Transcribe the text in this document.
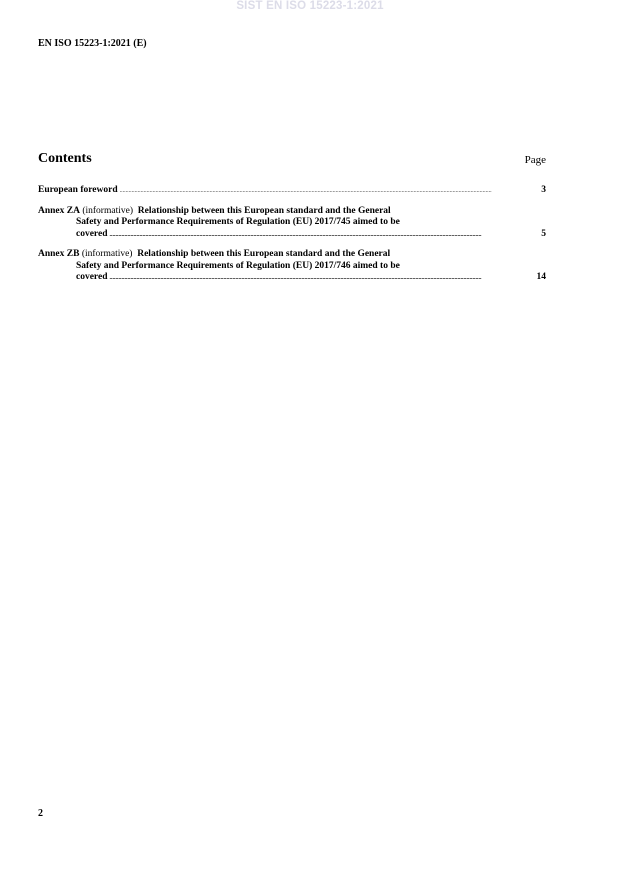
SIST EN ISO 15223-1:2021
EN ISO 15223-1:2021 (E)
Contents	Page
European foreword .....	3
Annex ZA (informative) Relationship between this European standard and the General
Safety and Performance Requirements of Regulation (EU) 2017/745 aimed to be
covered .....	5
Annex ZB (informative) Relationship between this European standard and the General
Safety and Performance Requirements of Regulation (EU) 2017/746 aimed to be
covered .....	14
2
